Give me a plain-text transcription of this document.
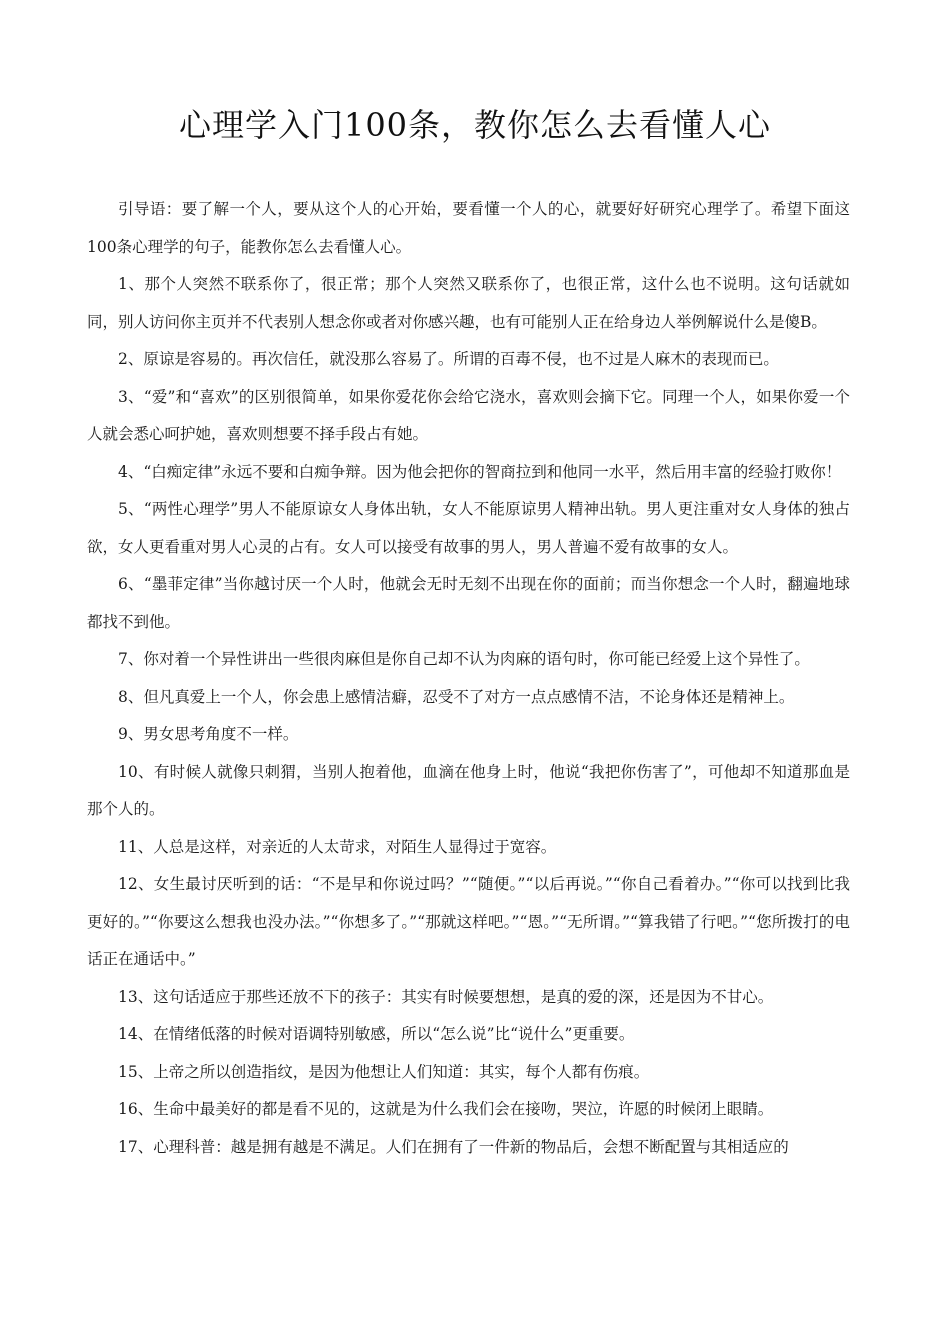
心理学入门100条，教你怎么去看懂人心

引导语：要了解一个人，要从这个人的心开始，要看懂一个人的心，就要好好研究心理学了。希望下面这100条心理学的句子，能教你怎么去看懂人心。

1、那个人突然不联系你了，很正常；那个人突然又联系你了，也很正常，这什么也不说明。这句话就如同，别人访问你主页并不代表别人想念你或者对你感兴趣，也有可能别人正在给身边人举例解说什么是傻B。

2、原谅是容易的。再次信任，就没那么容易了。所谓的百毒不侵，也不过是人麻木的表现而已。

3、“爱”和“喜欢”的区别很简单，如果你爱花你会给它浇水，喜欢则会摘下它。同理一个人，如果你爱一个人就会悉心呵护她，喜欢则想要不择手段占有她。

4、“白痴定律”永远不要和白痴争辩。因为他会把你的智商拉到和他同一水平，然后用丰富的经验打败你！

5、“两性心理学”男人不能原谅女人身体出轨，女人不能原谅男人精神出轨。男人更注重对女人身体的独占欲，女人更看重对男人心灵的占有。女人可以接受有故事的男人，男人普遍不爱有故事的女人。

6、“墨菲定律”当你越讨厌一个人时，他就会无时无刻不出现在你的面前；而当你想念一个人时，翻遍地球都找不到他。

7、你对着一个异性讲出一些很肉麻但是你自己却不认为肉麻的语句时，你可能已经爱上这个异性了。

8、但凡真爱上一个人，你会患上感情洁癖，忍受不了对方一点点感情不洁，不论身体还是精神上。

9、男女思考角度不一样。

10、有时候人就像只刺猬，当别人抱着他，血滴在他身上时，他说“我把你伤害了”，可他却不知道那血是那个人的。

11、人总是这样，对亲近的人太苛求，对陌生人显得过于宽容。

12、女生最讨厌听到的话：“不是早和你说过吗？”“随便。”“以后再说。”“你自己看着办。”“你可以找到比我更好的。”“你要这么想我也没办法。”“你想多了。”“那就这样吧。”“恩。”“无所谓。”“算我错了行吧。”“您所拨打的电话正在通话中。”

13、这句话适应于那些还放不下的孩子：其实有时候要想想，是真的爱的深，还是因为不甘心。

14、在情绪低落的时候对语调特别敏感，所以“怎么说”比“说什么”更重要。

15、上帝之所以创造指纹，是因为他想让人们知道：其实，每个人都有伤痕。

16、生命中最美好的都是看不见的，这就是为什么我们会在接吻，哭泣，许愿的时候闭上眼睛。

17、心理科普：越是拥有越是不满足。人们在拥有了一件新的物品后，会想不断配置与其相适应的
